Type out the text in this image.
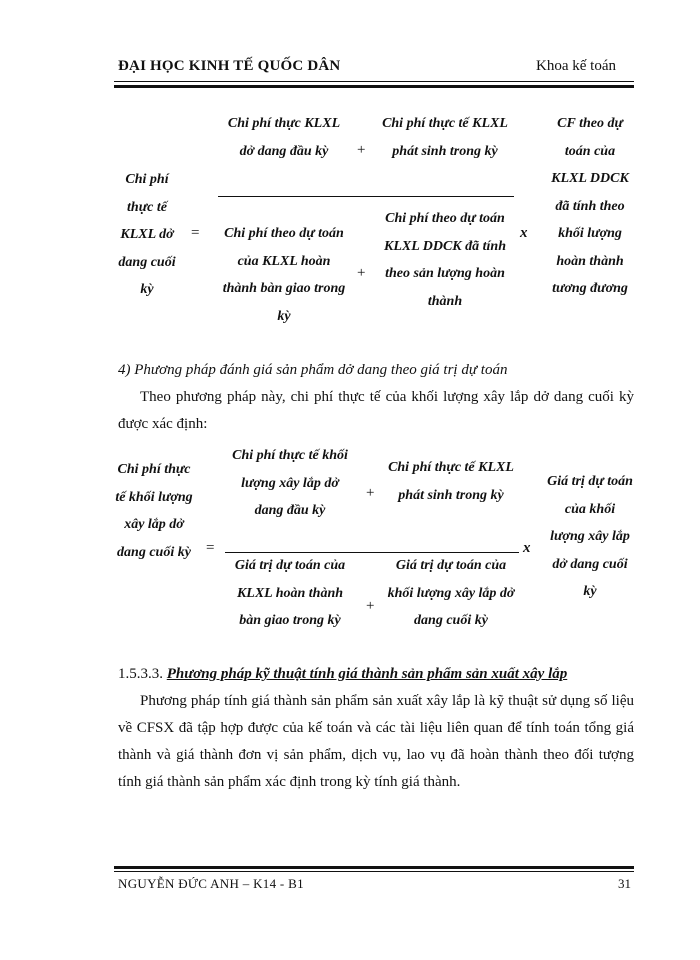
ĐẠI HỌC KINH TẾ QUỐC DÂN	Khoa kế toán
Chi phí thực tế KLXL dở dang cuối kỳ
=
Chi phí thực KLXL dở dang đầu kỳ	+
Chi phí thực tế KLXL phát sinh trong kỳ
Chi phí theo dự toán của KLXL hoàn thành bàn giao trong kỳ
+
Chi phí theo dự toán KLXL DDCK đã tính theo sản lượng hoàn thành
x
CF theo dự toán của KLXL DDCK đã tính theo khối lượng hoàn thành tương đương
4) Phương pháp đánh giá sản phẩm dở dang theo giá trị dự toán
Theo phương pháp này, chi phí thực tế của khối lượng xây lắp dở dang cuối kỳ được xác định:
Chi phí thực tế khối lượng xây lắp dở dang cuối kỳ =
Chi phí thực tế khối lượng xây lắp dở dang đầu kỳ
+
Chi phí thực tế KLXL phát sinh trong kỳ
Giá trị dự toán của KLXL hoàn thành bàn giao trong kỳ
+
Giá trị dự toán của khối lượng xây lắp dở dang cuối kỳ
x
Giá trị dự toán của khối lượng xây lắp dở dang cuối kỳ
1.5.3.3. Phương pháp kỹ thuật tính giá thành sản phẩm sản xuất xây lắp
Phương pháp tính giá thành sản phẩm sản xuất xây lắp là kỹ thuật sử dụng số liệu về CFSX đã tập hợp được của kế toán và các tài liệu liên quan để tính toán tổng giá thành và giá thành đơn vị sản phẩm, dịch vụ, lao vụ đã hoàn thành theo đối tượng tính giá thành sản phẩm xác định trong kỳ tính giá thành.
NGUYỄN ĐỨC ANH – K14 - B1	31
